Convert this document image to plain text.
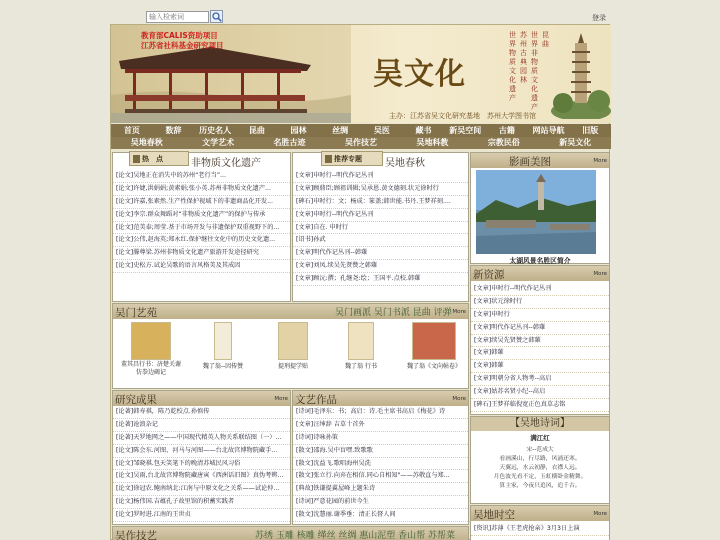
输入检索词
登录
教育部CALIS资助项目
江苏省社科基金研究项目
吴文化
昆曲
世界非物质文化遗产
苏州古典园林
世界物质文化遗产
主办：江苏省吴文化研究基地　苏州大学图书馆
首页	数辞	历史名人	昆曲	园林	丝绸	吴医	藏书	新吴空间	古籍	网站导航	旧版
吴地春秋	文学艺术	名胜古迹	吴作技艺	吴地科教	宗教民俗	新吴文化
非物质文化遗产
[论文]吴地正在消失中的苏州“老行当”...
[论文]许婕,洪娟娟;黄素娟;张小英.苏州非物质文化遗产...
[论文]许嘉,张素然.生产性保护视域下的非遗商品化开发...
[论文]李宗.群众舞蹈对“非物质文化遗产”的保护与传承
[论文]范美泰;周莹.基于市场开发与非遗保护双重视野下的...
[论文]公伟,赵海英;郑永红.保护继往文化中的历史文化遗...
[论文]滕尊梁.苏州非物质文化遗产旅游开发途径研究
[论文]史松方.试论吴歌的语言风格美及其成因
热　点	吴地春秋
[文章]申时行--明代作记丛刊
[文章]顾鼎臣;顾祖训辑;吴承恩.黄文德刻.状元徐时行
[碑石]申时行：文；杨成：篆盖;韩世能.书丹.王梦祥刻....
[文章]申时行--明代作记丛刊
[文章]自在. 申时行
[诏书]孙武
[文章]明代作记丛刊--韩薙
[文章]刘凤.续吴先贤赞之韩薙
[文章]顾沅:撰；孔继尧:绘；王国平.点校.韩薙
推荐专题	影画美图	More
太湖风景名胜区简介
新资源	More
[文章]申时行--明代作记丛刊
[文章]状元徐时行
[文章]申时行
[文章]明代作记丛刊--韩薙
[文章]续吴先贤赞之韩薙
[文章]韩薙
[文章]韩薙
[文章]明朝分省人物考--高启
[文章]姑苏名贤小纪--高启
[碑石]王梦祥临倪宽正色真草志铭
【吴地诗词】
满江红
宋--范成大
看画溪山，行尽路，风涌还寒。
天翼远，水云初静，衣襟人远。
月色波光看不定，玉虹横卧金精舞。
算主家，今夜只追风，追千古。
吴门艺苑	吴门画派 吴门书派 昆曲 评弹 More
董其昌行书：济楚关谢 仿拳边碣记
魏了翁--因传赞	提刑提学贴	魏了翁 行书	魏了翁《文向帖卷》
研究成果	More
[论著]韩寿祺，陈乃乾校点.孙慎传
[论著]沧浪杂记
[论著]天罗地网之——中国现代精英人物关系联结图（一）...
[论文]陈会东.河图、河马与河图——台北故宫博物院藏手...
[论文]邹晓祺.包天笑笔下的晚清苏城民风习俗
[论文]吴雨,台北故宫博物院藏唐寅《西洲话旧图》真伪考辨...
[论文]徐冠农.鲍南纳北:江南与中原文化之关系——试论仲...
[论文]杨伟国.吉蕴孔子故里馆的积蓄实践者
[论文]罗时进.江南的王世贞
文艺作品	More
[诗词]毛泽东：书；高启：诗.毛主席书高启《梅花》诗
[文章]汪绅辞 吉草十首外
[诗词]诗咏孙策
[散文]邵海.吴中盲嘿.致歌歌
[散文]沈益飞.歌唱海州吴洗
[散文]张立行.向弃在相信.同心自相知"——苏敬直与郑...
[典故]铁谦提翼屋峰上题朱诗
[诗词]严意花园的前世今生
[散文]沈慧丽.谢季垂：清正长督人间
吴作技艺	苏绣 玉雕 核雕 缂丝 丝绸 惠山泥塑 香山帮 苏帮菜
吴地时空	More
[资讯]苏薄《王老虎抢亲》3月3日上演
